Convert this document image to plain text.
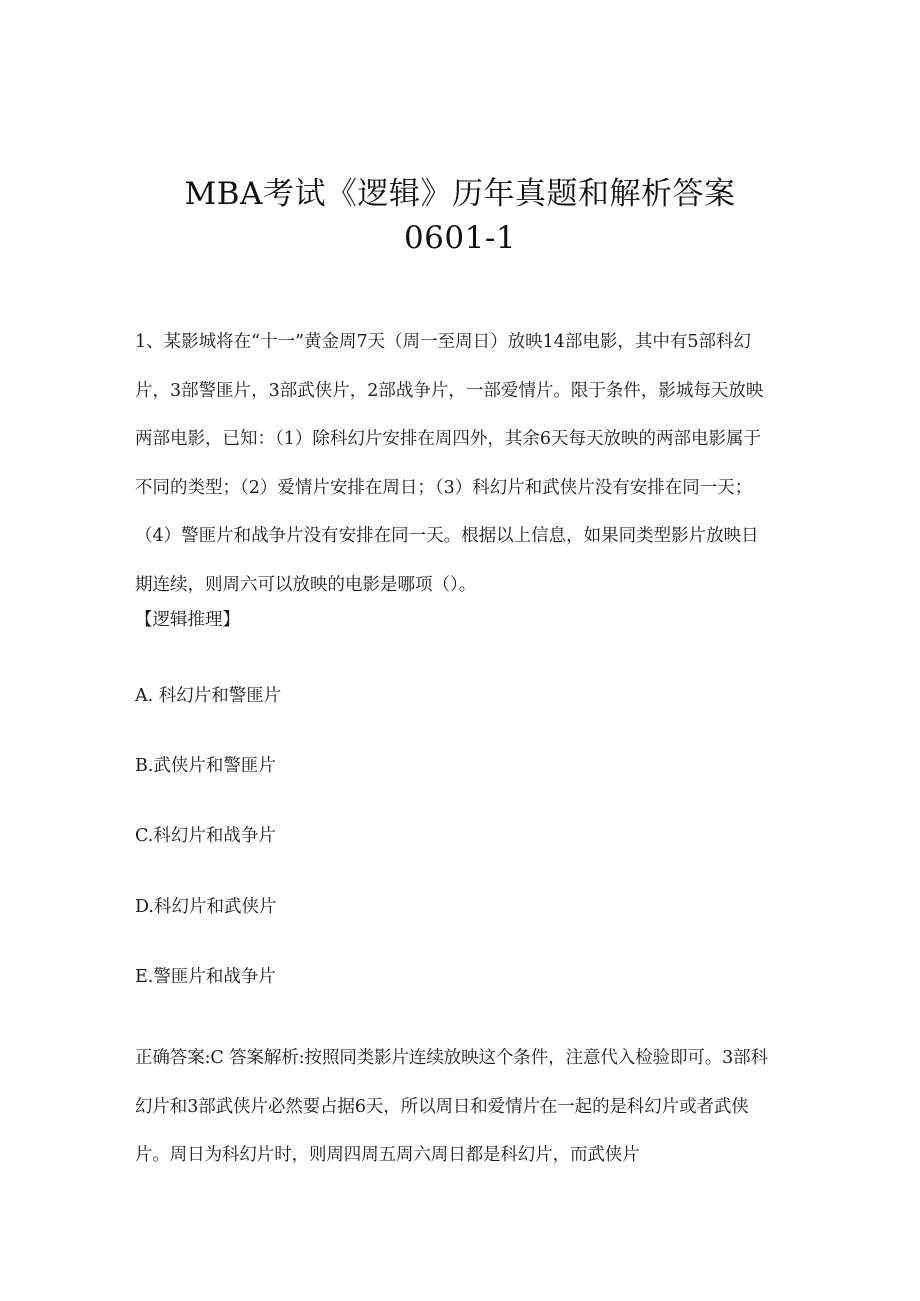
MBA考试《逻辑》历年真题和解析答案
0601-1

1、某影城将在“十一”黄金周7天（周一至周日）放映14部电影，其中有5部科幻片，3部警匪片，3部武侠片，2部战争片，一部爱情片。限于条件，影城每天放映两部电影，已知：（1）除科幻片安排在周四外，其余6天每天放映的两部电影属于不同的类型；（2）爱情片安排在周日；（3）科幻片和武侠片没有安排在同一天；（4）警匪片和战争片没有安排在同一天。根据以上信息，如果同类型影片放映日期连续，则周六可以放映的电影是哪项（）。

【逻辑推理】

A. 科幻片和警匪片

B.武侠片和警匪片

C.科幻片和战争片

D.科幻片和武侠片

E.警匪片和战争片

正确答案:C 答案解析:按照同类影片连续放映这个条件，注意代入检验即可。3部科幻片和3部武侠片必然要占据6天，所以周日和爱情片在一起的是科幻片或者武侠片。周日为科幻片时，则周四周五周六周日都是科幻片，而武侠片
